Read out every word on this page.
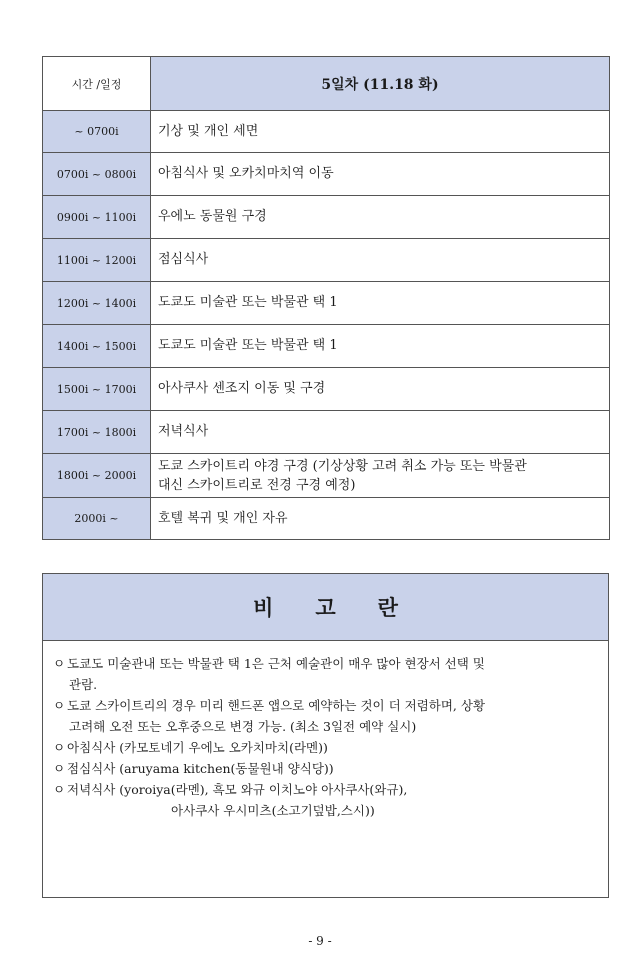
시간 /일정	5일차 (11.18 화)
~ 0700i	기상 및 개인 세면
0700i ~ 0800i	아침식사 및 오카치마치역 이동
0900i ~ 1100i	우에노 동물원 구경
1100i ~ 1200i	점심식사
1200i ~ 1400i	도쿄도 미술관 또는 박물관 택 1
1400i ~ 1500i	도쿄도 미술관 또는 박물관 택 1
1500i ~ 1700i	아사쿠사 센조지 이동 및 구경
1700i ~ 1800i	저녁식사
1800i ~ 2000i	도쿄 스카이트리 야경 구경 (기상상황 고려 취소 가능 또는 박물관
대신 스카이트리로 전경 구경 예정)

2000i ~	호텔 복귀 및 개인 자유
비고란
ㅇ 도쿄도 미술관내 또는 박물관 택 1은 근처 예술관이 매우 많아 현장서 선택 및
관람.
ㅇ 도쿄 스카이트리의 경우 미리 핸드폰 앱으로 예약하는 것이 더 저렴하며, 상황
고려해 오전 또는 오후중으로 변경 가능. (최소 3일전 예약 실시)
ㅇ 아침식사 (카모토네기 우에노 오카치마치(라멘))
ㅇ 점심식사 (aruyama kitchen(동물원내 양식당))
ㅇ 저녁식사 (yoroiya(라멘), 흑모 와규 이치노야 아사쿠사(와규),
아사쿠사 우시미츠(소고기덮밥,스시))
- 9 -
